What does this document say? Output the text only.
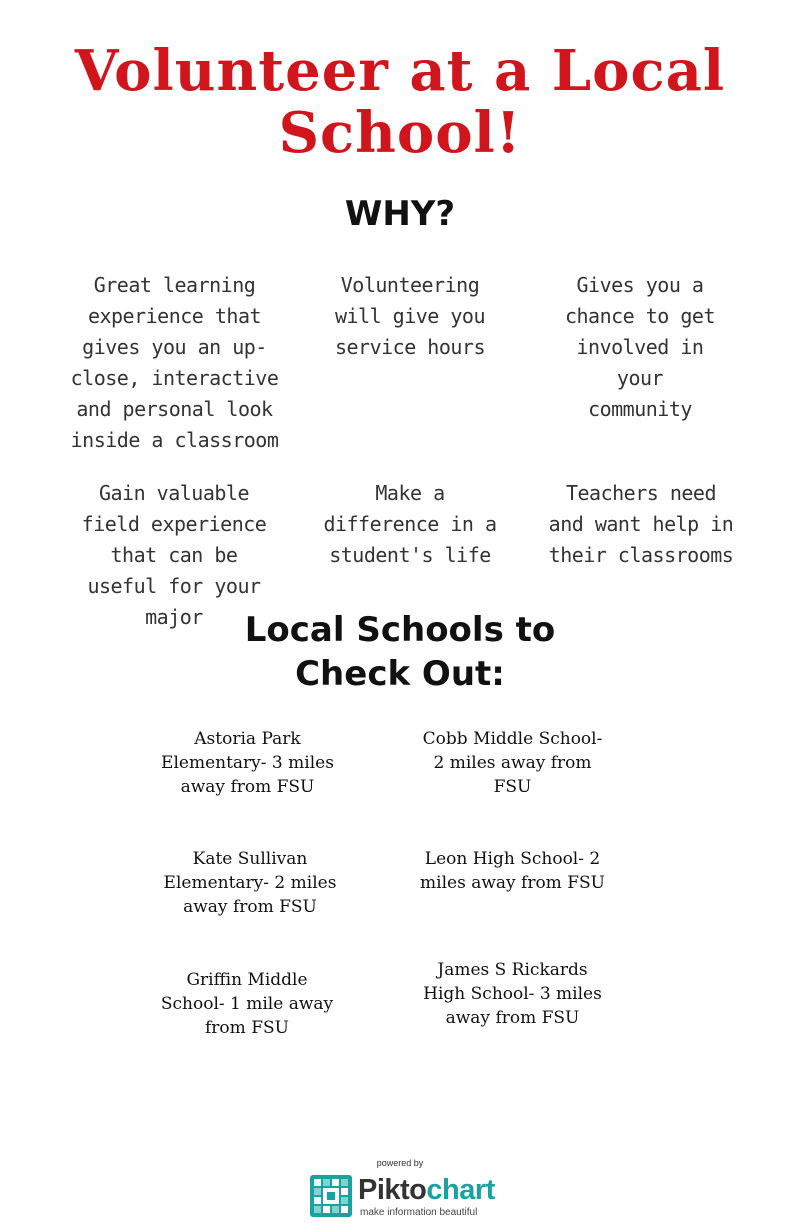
Volunteer at a Local School!
WHY?
Great learning experience that gives you an up-close, interactive and personal look inside a classroom
Volunteering will give you service hours
Gives you a chance to get involved in your community
Gain valuable field experience that can be useful for your major
Make a difference in a student's life
Teachers need and want help in their classrooms
Local Schools to Check Out:
Astoria Park Elementary- 3 miles away from FSU
Cobb Middle School- 2 miles away from FSU
Kate Sullivan Elementary- 2 miles away from FSU
Leon High School- 2 miles away from FSU
Griffin Middle School- 1 mile away from FSU
James S Rickards High School- 3 miles away from FSU
powered by
Piktochart
make information beautiful
